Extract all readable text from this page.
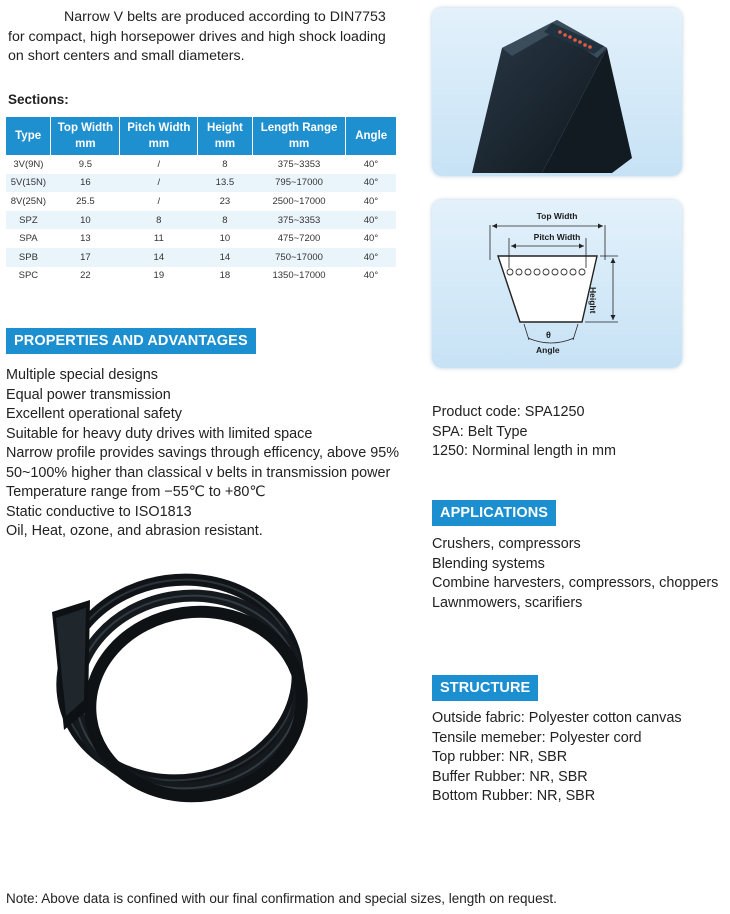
Narrow V belts are produced according to DIN7753 for compact, high horsepower drives and high shock loading on short centers and small diameters.
Sections:
Type	Top Width mm	Pitch Width mm	Height mm	Length Range mm	Angle
3V(9N)	9.5	/	8	375~3353	40°
5V(15N)	16	/	13.5	795~17000	40°
8V(25N)	25.5	/	23	2500~17000	40°
SPZ	10	8	8	375~3353	40°
SPA	13	11	10	475~7200	40°
SPB	17	14	14	750~17000	40°
SPC	22	19	18	1350~17000	40°
PROPERTIES AND ADVANTAGES
Multiple special designs
Equal power transmission
Excellent operational safety
Suitable for heavy duty drives with limited space
Narrow profile provides savings through efficency, above 95%
50~100% higher than classical v belts in transmission power
Temperature range from −55℃ to +80℃
Static conductive to ISO1813
Oil, Heat, ozone, and abrasion resistant.
Top Width
Pitch Width
Height
θ
Angle
Product code: SPA1250
SPA: Belt Type
1250: Norminal length in mm
APPLICATIONS
Crushers, compressors
Blending systems
Combine harvesters, compressors, choppers
Lawnmowers, scarifiers
STRUCTURE
Outside fabric: Polyester cotton canvas
Tensile memeber: Polyester cord
Top rubber: NR, SBR
Buffer Rubber: NR, SBR
Bottom Rubber: NR, SBR
Note: Above data is confined with our final confirmation and special sizes, length on request.
